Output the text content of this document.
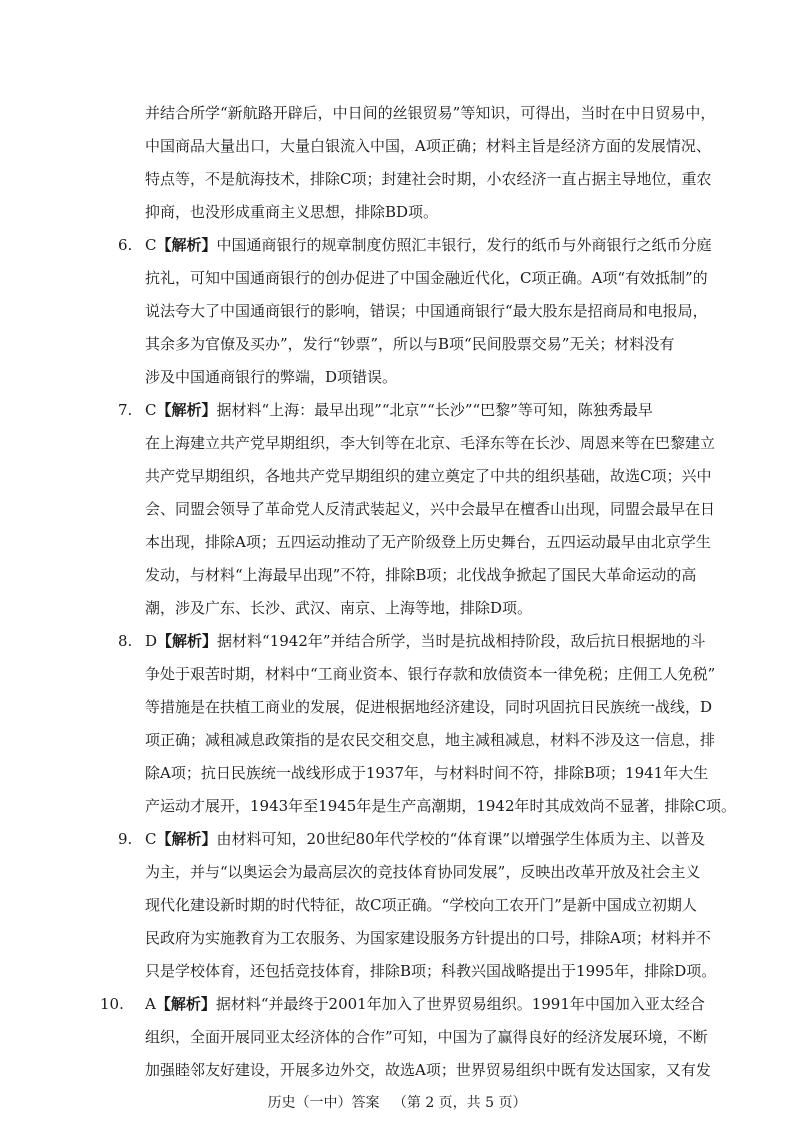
并结合所学“新航路开辟后，中日间的丝银贸易”等知识，可得出，当时在中日贸易中，
中国商品大量出口，大量白银流入中国，A项正确；材料主旨是经济方面的发展情况、
特点等，不是航海技术，排除C项；封建社会时期，小农经济一直占据主导地位，重农
抑商，也没形成重商主义思想，排除BD项。
6. C【解析】中国通商银行的规章制度仿照汇丰银行，发行的纸币与外商银行之纸币分庭
抗礼，可知中国通商银行的创办促进了中国金融近代化，C项正确。A项“有效抵制”的
说法夸大了中国通商银行的影响，错误；中国通商银行“最大股东是招商局和电报局，
其余多为官僚及买办”，发行“钞票”，所以与B项“民间股票交易”无关；材料没有
涉及中国通商银行的弊端，D项错误。
7. C【解析】据材料“上海：最早出现”“北京”“长沙”“巴黎”等可知，陈独秀最早
在上海建立共产党早期组织，李大钊等在北京、毛泽东等在长沙、周恩来等在巴黎建立
共产党早期组织，各地共产党早期组织的建立奠定了中共的组织基础，故选C项；兴中
会、同盟会领导了革命党人反清武装起义，兴中会最早在檀香山出现，同盟会最早在日
本出现，排除A项；五四运动推动了无产阶级登上历史舞台，五四运动最早由北京学生
发动，与材料“上海最早出现”不符，排除B项；北伐战争掀起了国民大革命运动的高
潮，涉及广东、长沙、武汉、南京、上海等地，排除D项。
8. D【解析】据材料“1942年”并结合所学，当时是抗战相持阶段，敌后抗日根据地的斗
争处于艰苦时期，材料中“工商业资本、银行存款和放债资本一律免税；庄佣工人免税”
等措施是在扶植工商业的发展，促进根据地经济建设，同时巩固抗日民族统一战线，D
项正确；减租减息政策指的是农民交租交息，地主减租减息，材料不涉及这一信息，排
除A项；抗日民族统一战线形成于1937年，与材料时间不符，排除B项；1941年大生
产运动才展开，1943年至1945年是生产高潮期，1942年时其成效尚不显著，排除C项。
9. C【解析】由材料可知，20世纪80年代学校的“体育课”以增强学生体质为主、以普及
为主，并与“以奥运会为最高层次的竞技体育协同发展”，反映出改革开放及社会主义
现代化建设新时期的时代特征，故C项正确。“学校向工农开门”是新中国成立初期人
民政府为实施教育为工农服务、为国家建设服务方针提出的口号，排除A项；材料并不
只是学校体育，还包括竞技体育，排除B项；科教兴国战略提出于1995年，排除D项。
10. A【解析】据材料“并最终于2001年加入了世界贸易组织。1991年中国加入亚太经合
组织，全面开展同亚太经济体的合作”可知，中国为了赢得良好的经济发展环境，不断
加强睦邻友好建设，开展多边外交，故选A项；世界贸易组织中既有发达国家，又有发
历史（一中）答案   （第 2 页，共 5 页）
